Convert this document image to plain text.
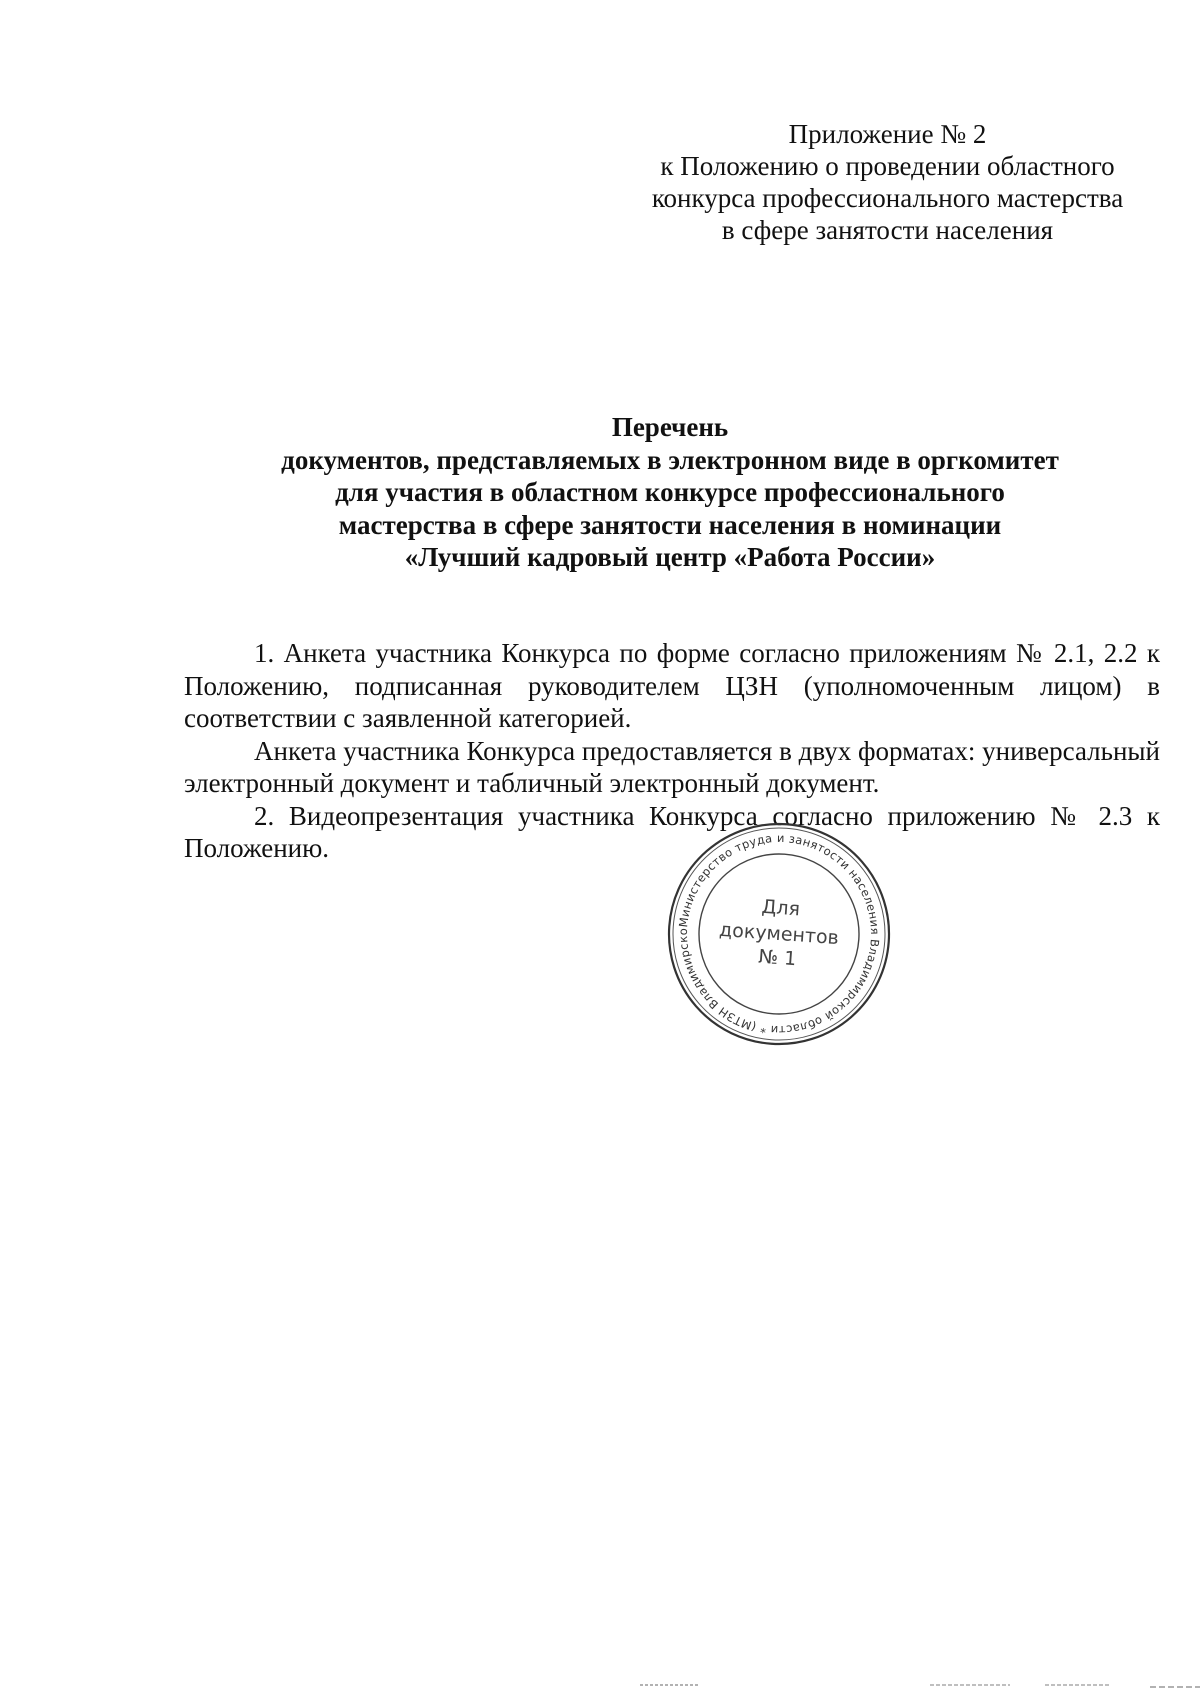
Приложение № 2
к Положению о проведении областного
конкурса профессионального мастерства
в сфере занятости населения
Перечень
документов, представляемых в электронном виде в оргкомитет
для участия в областном конкурсе профессионального
мастерства в сфере занятости населения в номинации
«Лучший кадровый центр «Работа России»

1. Анкета участника Конкурса по форме согласно приложениям № 2.1, 2.2 к Положению, подписанная руководителем ЦЗН (уполномоченным лицом) в соответствии с заявленной категорией.

Анкета участника Конкурса предоставляется в двух форматах: универсальный электронный документ и табличный электронный документ.

2. Видеопрезентация участника Конкурса согласно приложению № 2.3 к Положению.

Министерство труда и занятости населения Владимирской области * (МТЗН Владимирской
Для
документов
№ 1
